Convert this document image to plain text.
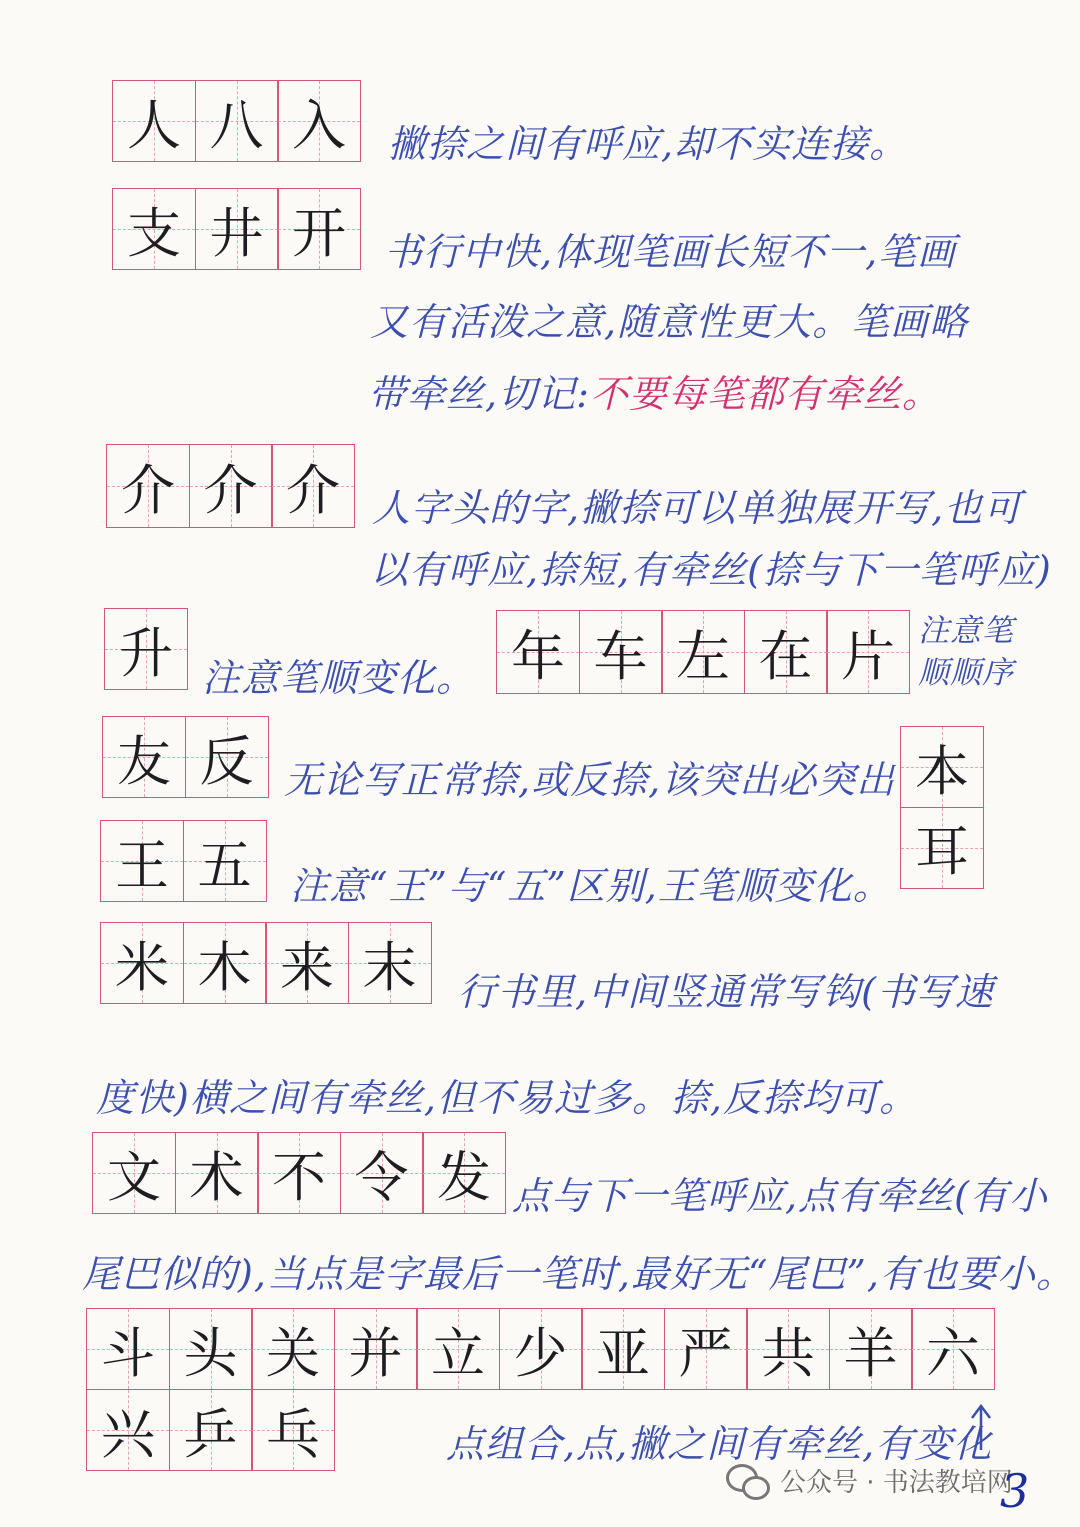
人 八 入 撇捺之间有呼应,却不实连接。
支 井 开 书行中快,体现笔画长短不一,笔画
又有活泼之意,随意性更大。笔画略
带牵丝,切记:不要每笔都有牵丝。
介 介 介 人字头的字,撇捺可以单独展开写,也可
以有呼应,捺短,有牵丝(捺与下一笔呼应)
升 注意笔顺变化。 年 车 左 在 片 注意笔
顺顺序
友 反 无论写正常捺,或反捺,该突出必突出 本
耳
王 五 注意“王”与“五”区别,王笔顺变化。
米 木 来 末 行书里,中间竖通常写钩(书写速
度快)横之间有牵丝,但不易过多。捺,反捺均可。
文 术 不 令 发 点与下一笔呼应,点有牵丝(有小
尾巴似的),当点是字最后一笔时,最好无“尾巴”,有也要小。
斗 头 关 并 立 少 亚 严 共 羊 六
兴 乒 乓	点组合,点,撇之间有牵丝,有变化
公众号 · 书法教培网
3
